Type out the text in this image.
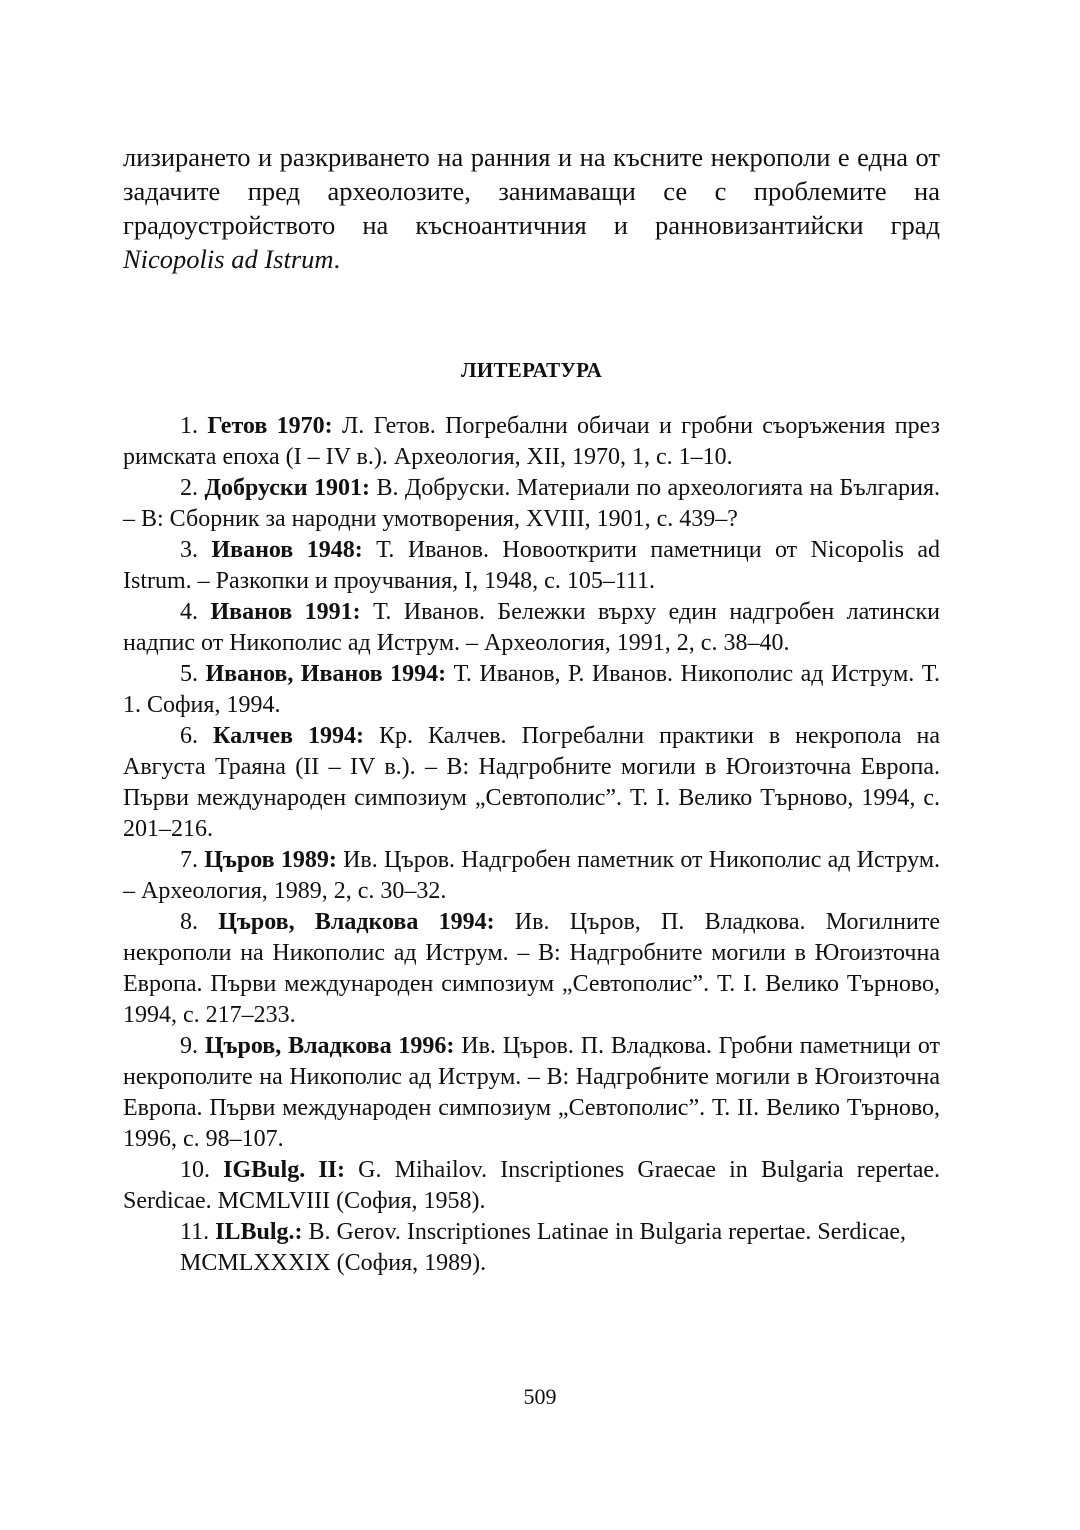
лизирането и разкриването на ранния и на късните некрополи е една от задачите пред археолозите, занимаващи се с проблемите на градоустройството на късноантичния и ранновизантийски град Nicopolis ad Istrum.

ЛИТЕРАТУРА

1. Гетов 1970: Л. Гетов. Погребални обичаи и гробни съоръжения през римската епоха (I – IV в.). Археология, XII, 1970, 1, с. 1–10.

2. Добруски 1901: В. Добруски. Материали по археологията на България. – В: Сборник за народни умотворения, XVIII, 1901, с. 439–?

3. Иванов 1948: Т. Иванов. Новооткрити паметници от Nicopolis ad Istrum. – Разкопки и проучвания, I, 1948, с. 105–111.

4. Иванов 1991: Т. Иванов. Бележки върху един надгробен латински надпис от Никополис ад Иструм. – Археология, 1991, 2, с. 38–40.

5. Иванов, Иванов 1994: Т. Иванов, Р. Иванов. Никополис ад Иструм. Т. 1. София, 1994.

6. Калчев 1994: Кр. Калчев. Погребални практики в некропола на Августа Траяна (II – IV в.). – В: Надгробните могили в Югоизточна Европа. Първи международен симпозиум „Севтополис”. Т. I. Велико Търново, 1994, с. 201–216.

7. Църов 1989: Ив. Църов. Надгробен паметник от Никополис ад Иструм. – Археология, 1989, 2, с. 30–32.

8. Църов, Владкова 1994: Ив. Църов, П. Владкова. Могилните некрополи на Никополис ад Иструм. – В: Надгробните могили в Югоизточна Европа. Първи международен симпозиум „Севтополис”. Т. I. Велико Търново, 1994, с. 217–233.

9. Църов, Владкова 1996: Ив. Църов. П. Владкова. Гробни паметници от некрополите на Никополис ад Иструм. – В: Надгробните могили в Югоизточна Европа. Първи международен симпозиум „Севтополис”. Т. II. Велико Търново, 1996, с. 98–107.

10. IGBulg. II: G. Mihailov. Inscriptiones Graecae in Bulgaria repertae. Serdicae. MCMLVIII (София, 1958).

11. ILBulg.: B. Gerov. Inscriptiones Latinae in Bulgaria repertae. Serdicae,
MCMLXXXIX (София, 1989).

509
